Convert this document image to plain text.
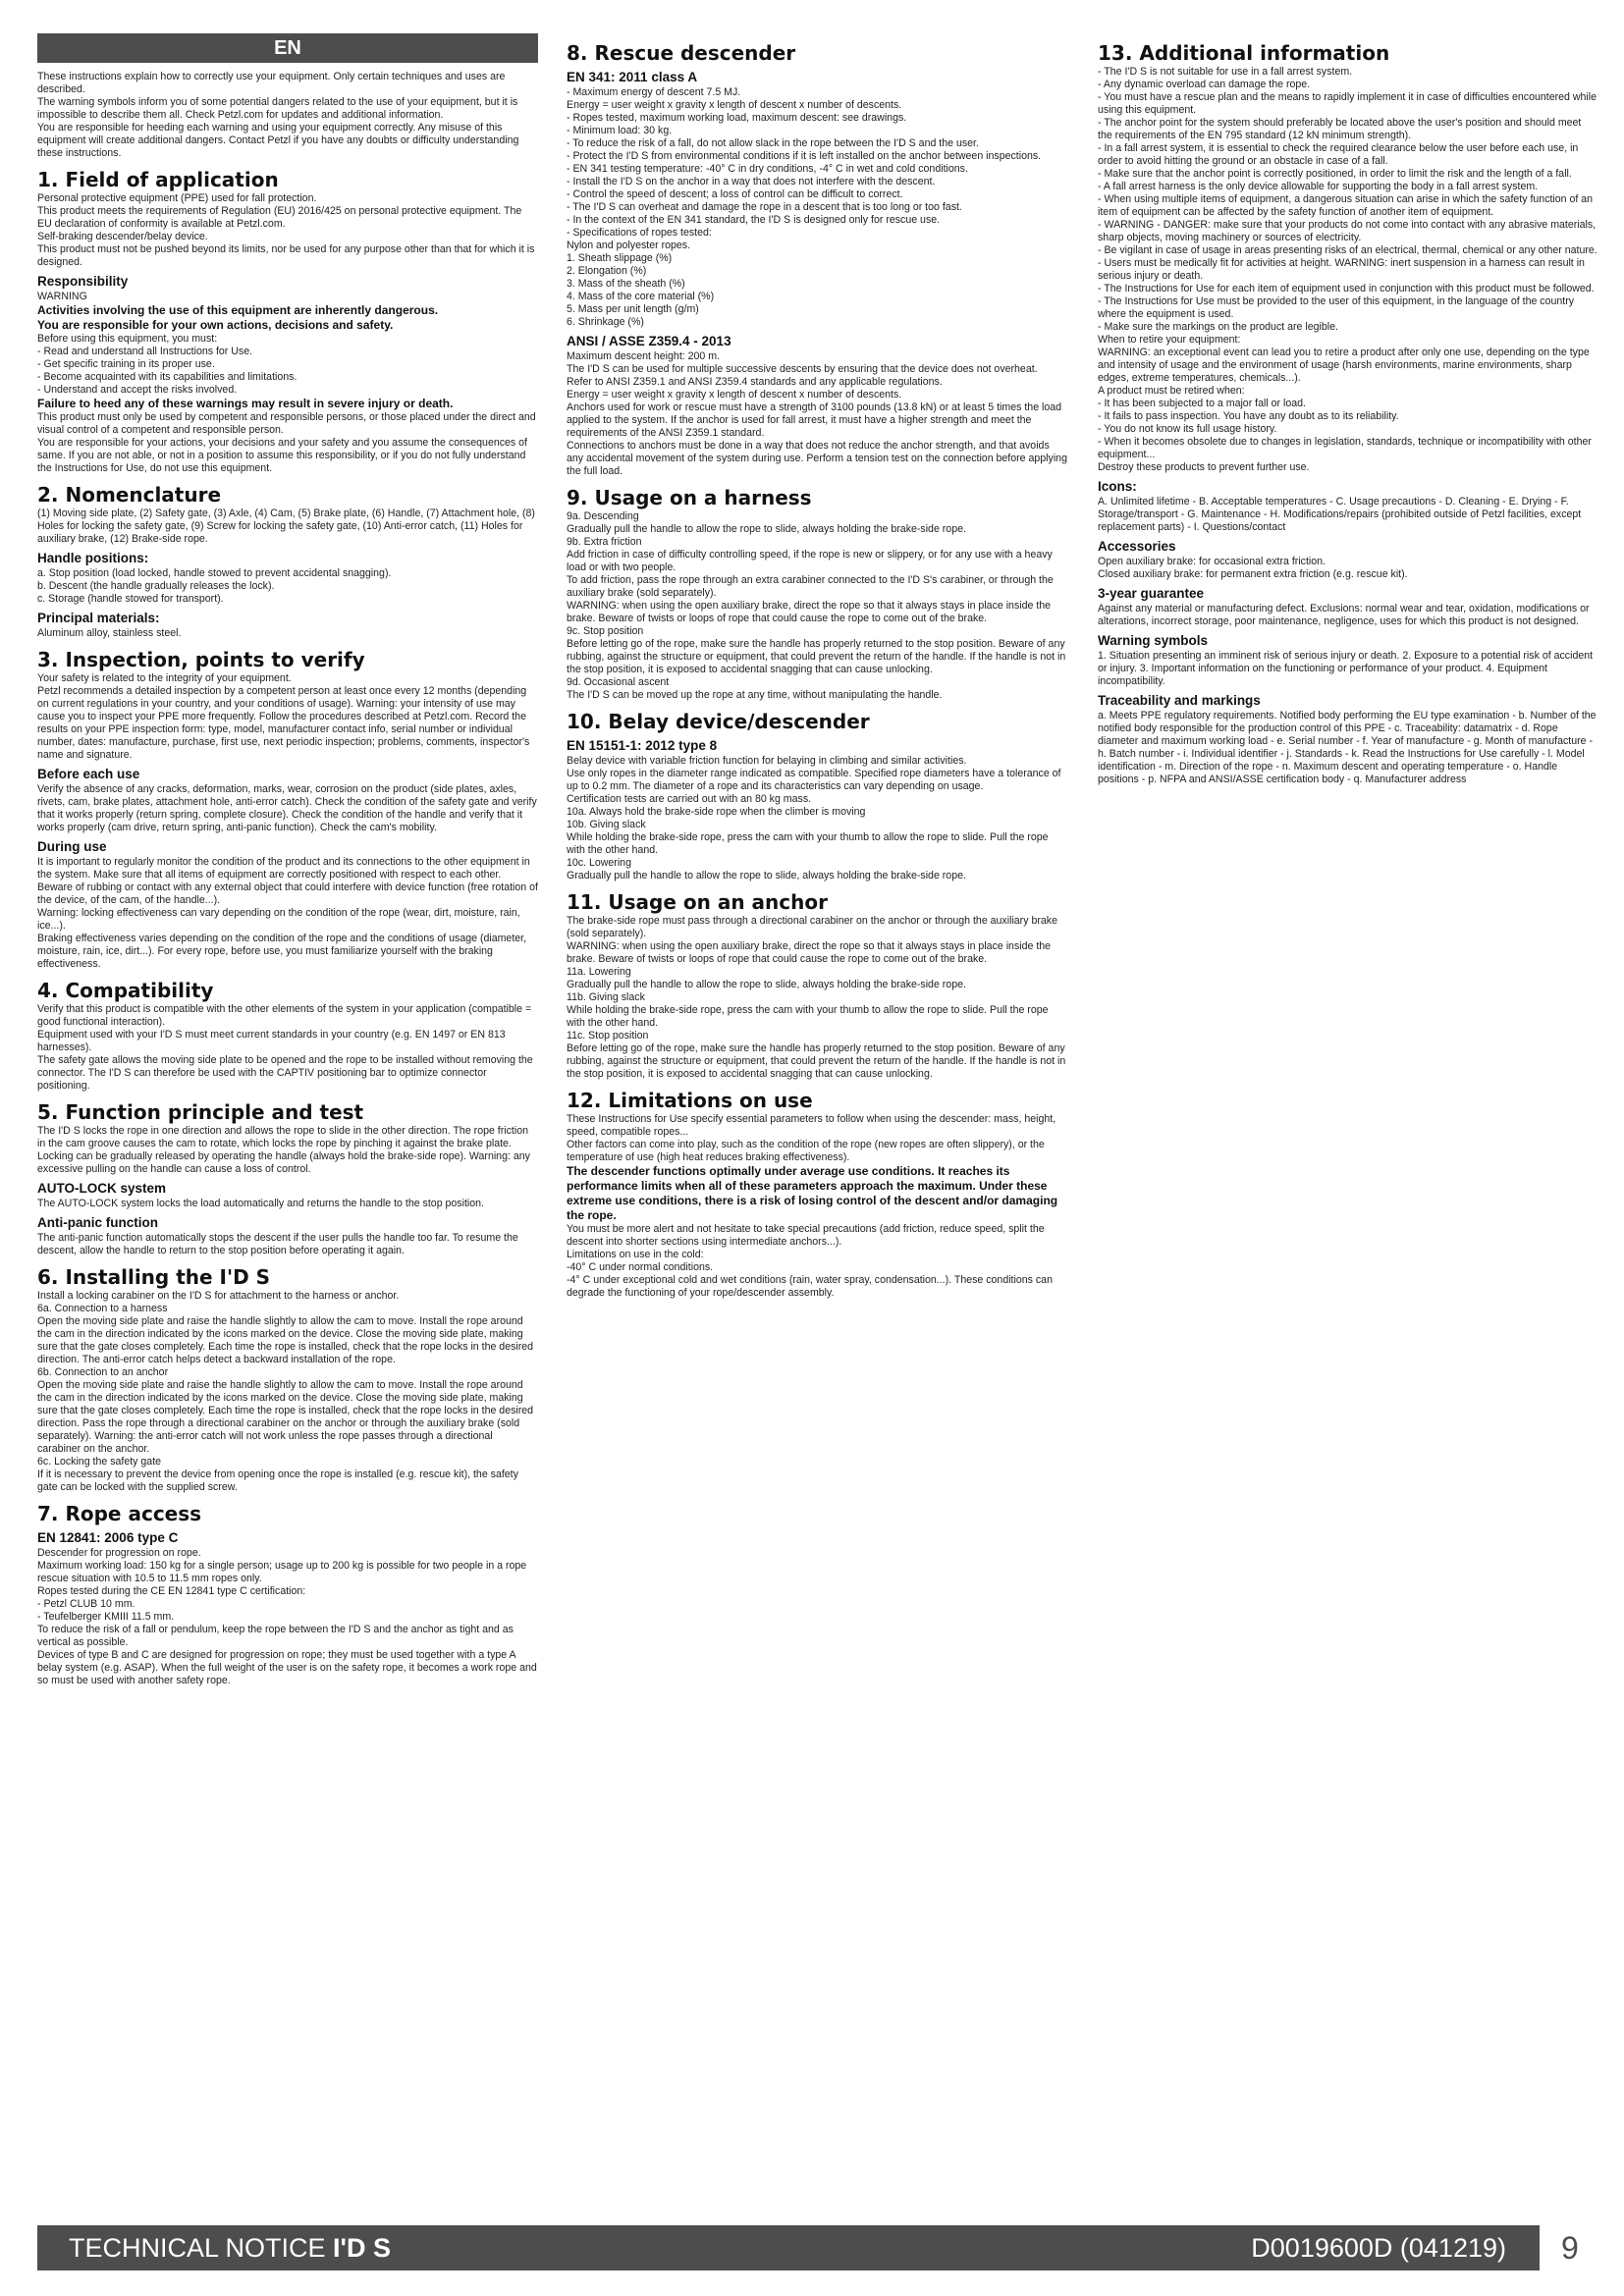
EN
These instructions explain how to correctly use your equipment. Only certain techniques and uses are described.
The warning symbols inform you of some potential dangers related to the use of your equipment, but it is impossible to describe them all. Check Petzl.com for updates and additional information.
You are responsible for heeding each warning and using your equipment correctly. Any misuse of this equipment will create additional dangers. Contact Petzl if you have any doubts or difficulty understanding these instructions.
1. Field of application
Personal protective equipment (PPE) used for fall protection.
This product meets the requirements of Regulation (EU) 2016/425 on personal protective equipment. The EU declaration of conformity is available at Petzl.com.
Self-braking descender/belay device.
This product must not be pushed beyond its limits, nor be used for any purpose other than that for which it is designed.
Responsibility
WARNING
Activities involving the use of this equipment are inherently dangerous.
You are responsible for your own actions, decisions and safety.
Before using this equipment, you must:
- Read and understand all Instructions for Use.
- Get specific training in its proper use.
- Become acquainted with its capabilities and limitations.
- Understand and accept the risks involved.
Failure to heed any of these warnings may result in severe injury or death.
This product must only be used by competent and responsible persons, or those placed under the direct and visual control of a competent and responsible person.
You are responsible for your actions, your decisions and your safety and you assume the consequences of same. If you are not able, or not in a position to assume this responsibility, or if you do not fully understand the Instructions for Use, do not use this equipment.
2. Nomenclature
(1) Moving side plate, (2) Safety gate, (3) Axle, (4) Cam, (5) Brake plate, (6) Handle, (7) Attachment hole, (8) Holes for locking the safety gate, (9) Screw for locking the safety gate, (10) Anti-error catch, (11) Holes for auxiliary brake, (12) Brake-side rope.
Handle positions:
a. Stop position (load locked, handle stowed to prevent accidental snagging).
b. Descent (the handle gradually releases the lock).
c. Storage (handle stowed for transport).
Principal materials:
Aluminum alloy, stainless steel.
3. Inspection, points to verify
Your safety is related to the integrity of your equipment.
Petzl recommends a detailed inspection by a competent person at least once every 12 months (depending on current regulations in your country, and your conditions of usage). Warning: your intensity of use may cause you to inspect your PPE more frequently. Follow the procedures described at Petzl.com. Record the results on your PPE inspection form: type, model, manufacturer contact info, serial number or individual number, dates: manufacture, purchase, first use, next periodic inspection; problems, comments, inspector's name and signature.
Before each use
Verify the absence of any cracks, deformation, marks, wear, corrosion on the product (side plates, axles, rivets, cam, brake plates, attachment hole, anti-error catch). Check the condition of the safety gate and verify that it works properly (return spring, complete closure). Check the condition of the handle and verify that it works properly (cam drive, return spring, anti-panic function). Check the cam's mobility.
During use
It is important to regularly monitor the condition of the product and its connections to the other equipment in the system. Make sure that all items of equipment are correctly positioned with respect to each other.
Beware of rubbing or contact with any external object that could interfere with device function (free rotation of the device, of the cam, of the handle...).
Warning: locking effectiveness can vary depending on the condition of the rope (wear, dirt, moisture, rain, ice...).
Braking effectiveness varies depending on the condition of the rope and the conditions of usage (diameter, moisture, rain, ice, dirt...). For every rope, before use, you must familiarize yourself with the braking effectiveness.
4. Compatibility
Verify that this product is compatible with the other elements of the system in your application (compatible = good functional interaction).
Equipment used with your I'D S must meet current standards in your country (e.g. EN 1497 or EN 813 harnesses).
The safety gate allows the moving side plate to be opened and the rope to be installed without removing the connector. The I'D S can therefore be used with the CAPTIV positioning bar to optimize connector positioning.
5. Function principle and test
The I'D S locks the rope in one direction and allows the rope to slide in the other direction. The rope friction in the cam groove causes the cam to rotate, which locks the rope by pinching it against the brake plate.
Locking can be gradually released by operating the handle (always hold the brake-side rope). Warning: any excessive pulling on the handle can cause a loss of control.
AUTO-LOCK system
The AUTO-LOCK system locks the load automatically and returns the handle to the stop position.
Anti-panic function
The anti-panic function automatically stops the descent if the user pulls the handle too far. To resume the descent, allow the handle to return to the stop position before operating it again.
6. Installing the I'D S
Install a locking carabiner on the I'D S for attachment to the harness or anchor.
6a. Connection to a harness
Open the moving side plate and raise the handle slightly to allow the cam to move. Install the rope around the cam in the direction indicated by the icons marked on the device. Close the moving side plate, making sure that the gate closes completely. Each time the rope is installed, check that the rope locks in the desired direction. The anti-error catch helps detect a backward installation of the rope.
6b. Connection to an anchor
Open the moving side plate and raise the handle slightly to allow the cam to move. Install the rope around the cam in the direction indicated by the icons marked on the device. Close the moving side plate, making sure that the gate closes completely. Each time the rope is installed, check that the rope locks in the desired direction. Pass the rope through a directional carabiner on the anchor or through the auxiliary brake (sold separately). Warning: the anti-error catch will not work unless the rope passes through a directional carabiner on the anchor.
6c. Locking the safety gate
If it is necessary to prevent the device from opening once the rope is installed (e.g. rescue kit), the safety gate can be locked with the supplied screw.
7. Rope access
EN 12841: 2006 type C
Descender for progression on rope.
Maximum working load: 150 kg for a single person; usage up to 200 kg is possible for two people in a rope rescue situation with 10.5 to 11.5 mm ropes only.
Ropes tested during the CE EN 12841 type C certification:
- Petzl CLUB 10 mm.
- Teufelberger KMIII 11.5 mm.
To reduce the risk of a fall or pendulum, keep the rope between the I'D S and the anchor as tight and as vertical as possible.
Devices of type B and C are designed for progression on rope; they must be used together with a type A belay system (e.g. ASAP). When the full weight of the user is on the safety rope, it becomes a work rope and so must be used with another safety rope.
8. Rescue descender
EN 341: 2011 class A
- Maximum energy of descent 7.5 MJ.
Energy = user weight x gravity x length of descent x number of descents.
- Ropes tested, maximum working load, maximum descent: see drawings.
- Minimum load: 30 kg.
- To reduce the risk of a fall, do not allow slack in the rope between the I'D S and the user.
- Protect the I'D S from environmental conditions if it is left installed on the anchor between inspections.
- EN 341 testing temperature: -40° C in dry conditions, -4° C in wet and cold conditions.
- Install the I'D S on the anchor in a way that does not interfere with the descent.
- Control the speed of descent; a loss of control can be difficult to correct.
- The I'D S can overheat and damage the rope in a descent that is too long or too fast.
- In the context of the EN 341 standard, the I'D S is designed only for rescue use.
- Specifications of ropes tested:
Nylon and polyester ropes.
1. Sheath slippage (%)
2. Elongation (%)
3. Mass of the sheath (%)
4. Mass of the core material (%)
5. Mass per unit length (g/m)
6. Shrinkage (%)
ANSI / ASSE Z359.4 - 2013
Maximum descent height: 200 m.
The I'D S can be used for multiple successive descents by ensuring that the device does not overheat.
Refer to ANSI Z359.1 and ANSI Z359.4 standards and any applicable regulations.
Energy = user weight x gravity x length of descent x number of descents.
Anchors used for work or rescue must have a strength of 3100 pounds (13.8 kN) or at least 5 times the load applied to the system. If the anchor is used for fall arrest, it must have a higher strength and meet the requirements of the ANSI Z359.1 standard.
Connections to anchors must be done in a way that does not reduce the anchor strength, and that avoids any accidental movement of the system during use. Perform a tension test on the connection before applying the full load.
9. Usage on a harness
9a. Descending
Gradually pull the handle to allow the rope to slide, always holding the brake-side rope.
9b. Extra friction
Add friction in case of difficulty controlling speed, if the rope is new or slippery, or for any use with a heavy load or with two people.
To add friction, pass the rope through an extra carabiner connected to the I'D S's carabiner, or through the auxiliary brake (sold separately).
WARNING: when using the open auxiliary brake, direct the rope so that it always stays in place inside the brake. Beware of twists or loops of rope that could cause the rope to come out of the brake.
9c. Stop position
Before letting go of the rope, make sure the handle has properly returned to the stop position. Beware of any rubbing, against the structure or equipment, that could prevent the return of the handle. If the handle is not in the stop position, it is exposed to accidental snagging that can cause unlocking.
9d. Occasional ascent
The I'D S can be moved up the rope at any time, without manipulating the handle.
10. Belay device/descender
EN 15151-1: 2012 type 8
Belay device with variable friction function for belaying in climbing and similar activities.
Use only ropes in the diameter range indicated as compatible. Specified rope diameters have a tolerance of up to 0.2 mm. The diameter of a rope and its characteristics can vary depending on usage.
Certification tests are carried out with an 80 kg mass.
10a. Always hold the brake-side rope when the climber is moving
10b. Giving slack
While holding the brake-side rope, press the cam with your thumb to allow the rope to slide. Pull the rope with the other hand.
10c. Lowering
Gradually pull the handle to allow the rope to slide, always holding the brake-side rope.
11. Usage on an anchor
The brake-side rope must pass through a directional carabiner on the anchor or through the auxiliary brake (sold separately).
WARNING: when using the open auxiliary brake, direct the rope so that it always stays in place inside the brake. Beware of twists or loops of rope that could cause the rope to come out of the brake.
11a. Lowering
Gradually pull the handle to allow the rope to slide, always holding the brake-side rope.
11b. Giving slack
While holding the brake-side rope, press the cam with your thumb to allow the rope to slide. Pull the rope with the other hand.
11c. Stop position
Before letting go of the rope, make sure the handle has properly returned to the stop position. Beware of any rubbing, against the structure or equipment, that could prevent the return of the handle. If the handle is not in the stop position, it is exposed to accidental snagging that can cause unlocking.
12. Limitations on use
These Instructions for Use specify essential parameters to follow when using the descender: mass, height, speed, compatible ropes...
Other factors can come into play, such as the condition of the rope (new ropes are often slippery), or the temperature of use (high heat reduces braking effectiveness).
The descender functions optimally under average use conditions. It reaches its performance limits when all of these parameters approach the maximum. Under these extreme use conditions, there is a risk of losing control of the descent and/or damaging the rope.
You must be more alert and not hesitate to take special precautions (add friction, reduce speed, split the descent into shorter sections using intermediate anchors...).
Limitations on use in the cold:
-40° C under normal conditions.
-4° C under exceptional cold and wet conditions (rain, water spray, condensation...). These conditions can degrade the functioning of your rope/descender assembly.
13. Additional information
- The I'D S is not suitable for use in a fall arrest system.
- Any dynamic overload can damage the rope.
- You must have a rescue plan and the means to rapidly implement it in case of difficulties encountered while using this equipment.
- The anchor point for the system should preferably be located above the user's position and should meet the requirements of the EN 795 standard (12 kN minimum strength).
- In a fall arrest system, it is essential to check the required clearance below the user before each use, in order to avoid hitting the ground or an obstacle in case of a fall.
- Make sure that the anchor point is correctly positioned, in order to limit the risk and the length of a fall.
- A fall arrest harness is the only device allowable for supporting the body in a fall arrest system.
- When using multiple items of equipment, a dangerous situation can arise in which the safety function of an item of equipment can be affected by the safety function of another item of equipment.
- WARNING - DANGER: make sure that your products do not come into contact with any abrasive materials, sharp objects, moving machinery or sources of electricity.
- Be vigilant in case of usage in areas presenting risks of an electrical, thermal, chemical or any other nature.
- Users must be medically fit for activities at height. WARNING: inert suspension in a harness can result in serious injury or death.
- The Instructions for Use for each item of equipment used in conjunction with this product must be followed.
- The Instructions for Use must be provided to the user of this equipment, in the language of the country where the equipment is used.
- Make sure the markings on the product are legible.
When to retire your equipment:
WARNING: an exceptional event can lead you to retire a product after only one use, depending on the type and intensity of usage and the environment of usage (harsh environments, marine environments, sharp edges, extreme temperatures, chemicals...).
A product must be retired when:
- It has been subjected to a major fall or load.
- It fails to pass inspection. You have any doubt as to its reliability.
- You do not know its full usage history.
- When it becomes obsolete due to changes in legislation, standards, technique or incompatibility with other equipment...
Destroy these products to prevent further use.
Icons:
A. Unlimited lifetime - B. Acceptable temperatures - C. Usage precautions - D. Cleaning - E. Drying - F. Storage/transport - G. Maintenance - H. Modifications/repairs (prohibited outside of Petzl facilities, except replacement parts) - I. Questions/contact
Accessories
Open auxiliary brake: for occasional extra friction.
Closed auxiliary brake: for permanent extra friction (e.g. rescue kit).
3-year guarantee
Against any material or manufacturing defect. Exclusions: normal wear and tear, oxidation, modifications or alterations, incorrect storage, poor maintenance, negligence, uses for which this product is not designed.
Warning symbols
1. Situation presenting an imminent risk of serious injury or death. 2. Exposure to a potential risk of accident or injury. 3. Important information on the functioning or performance of your product. 4. Equipment incompatibility.
Traceability and markings
a. Meets PPE regulatory requirements. Notified body performing the EU type examination - b. Number of the notified body responsible for the production control of this PPE - c. Traceability: datamatrix - d. Rope diameter and maximum working load - e. Serial number - f. Year of manufacture - g. Month of manufacture - h. Batch number - i. Individual identifier - j. Standards - k. Read the Instructions for Use carefully - l. Model identification - m. Direction of the rope - n. Maximum descent and operating temperature - o. Handle positions - p. NFPA and ANSI/ASSE certification body - q. Manufacturer address
TECHNICAL NOTICE I'D S	D0019600D (041219) 9
